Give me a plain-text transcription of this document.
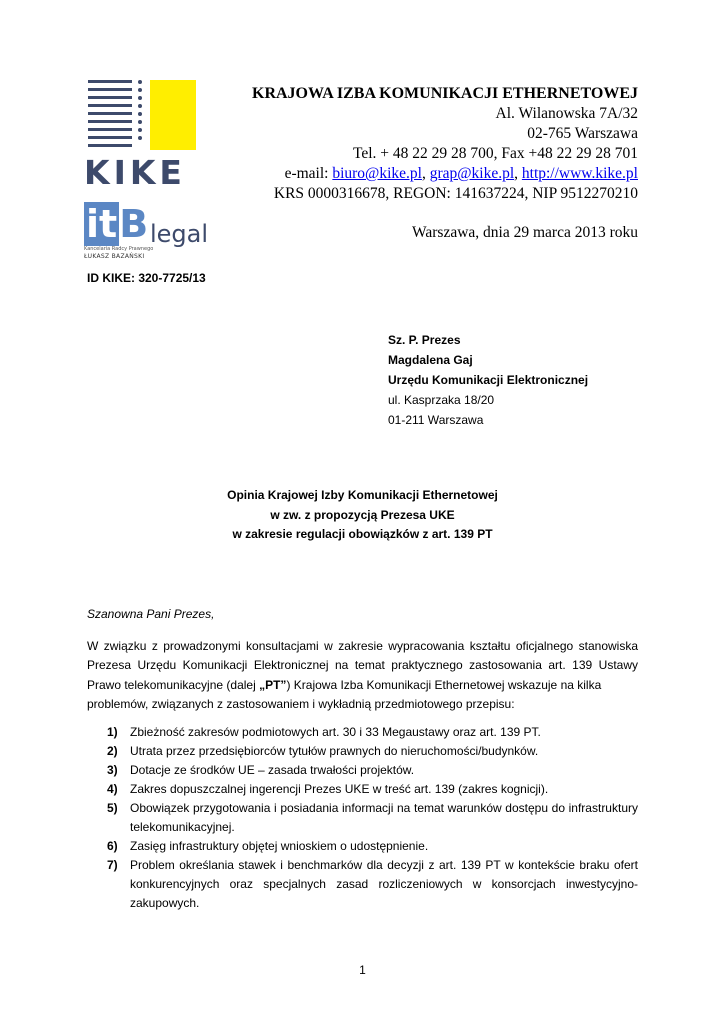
KIKE
itB legal
Kancelaria Radcy Prawnego
ŁUKASZ BAZAŃSKI
KRAJOWA IZBA KOMUNIKACJI ETHERNETOWEJ
Al. Wilanowska 7A/32
02-765 Warszawa
Tel. + 48 22 29 28 700, Fax +48 22 29 28 701
e-mail: biuro@kike.pl, grap@kike.pl, http://www.kike.pl
KRS 0000316678, REGON: 141637224, NIP 9512270210
Warszawa, dnia 29 marca 2013 roku
ID KIKE: 320-7725/13
Sz. P. Prezes
Magdalena Gaj
Urzędu Komunikacji Elektronicznej
ul. Kasprzaka 18/20
01-211 Warszawa
Opinia Krajowej Izby Komunikacji Ethernetowej
w zw. z propozycją Prezesa UKE
w zakresie regulacji obowiązków z art. 139 PT
Szanowna Pani Prezes,
W związku z prowadzonymi konsultacjami w zakresie wypracowania kształtu oficjalnego stanowiska Prezesa Urzędu Komunikacji Elektronicznej na temat praktycznego zastosowania art. 139 Ustawy Prawo telekomunikacyjne (dalej „PT”) Krajowa Izba Komunikacji Ethernetowej wskazuje na kilka
problemów, związanych z zastosowaniem i wykładnią przedmiotowego przepisu:
1) Zbieżność zakresów podmiotowych art. 30 i 33 Megaustawy oraz art. 139 PT.
2) Utrata przez przedsiębiorców tytułów prawnych do nieruchomości/budynków.
3) Dotacje ze środków UE – zasada trwałości projektów.
4) Zakres dopuszczalnej ingerencji Prezes UKE w treść art. 139 (zakres kognicji).
5) Obowiązek przygotowania i posiadania informacji na temat warunków dostępu do infrastruktury telekomunikacyjnej.
6) Zasięg infrastruktury objętej wnioskiem o udostępnienie.
7) Problem określania stawek i benchmarków dla decyzji z art. 139 PT w kontekście braku ofert konkurencyjnych oraz specjalnych zasad rozliczeniowych w konsorcjach inwestycyjno-zakupowych.
1
